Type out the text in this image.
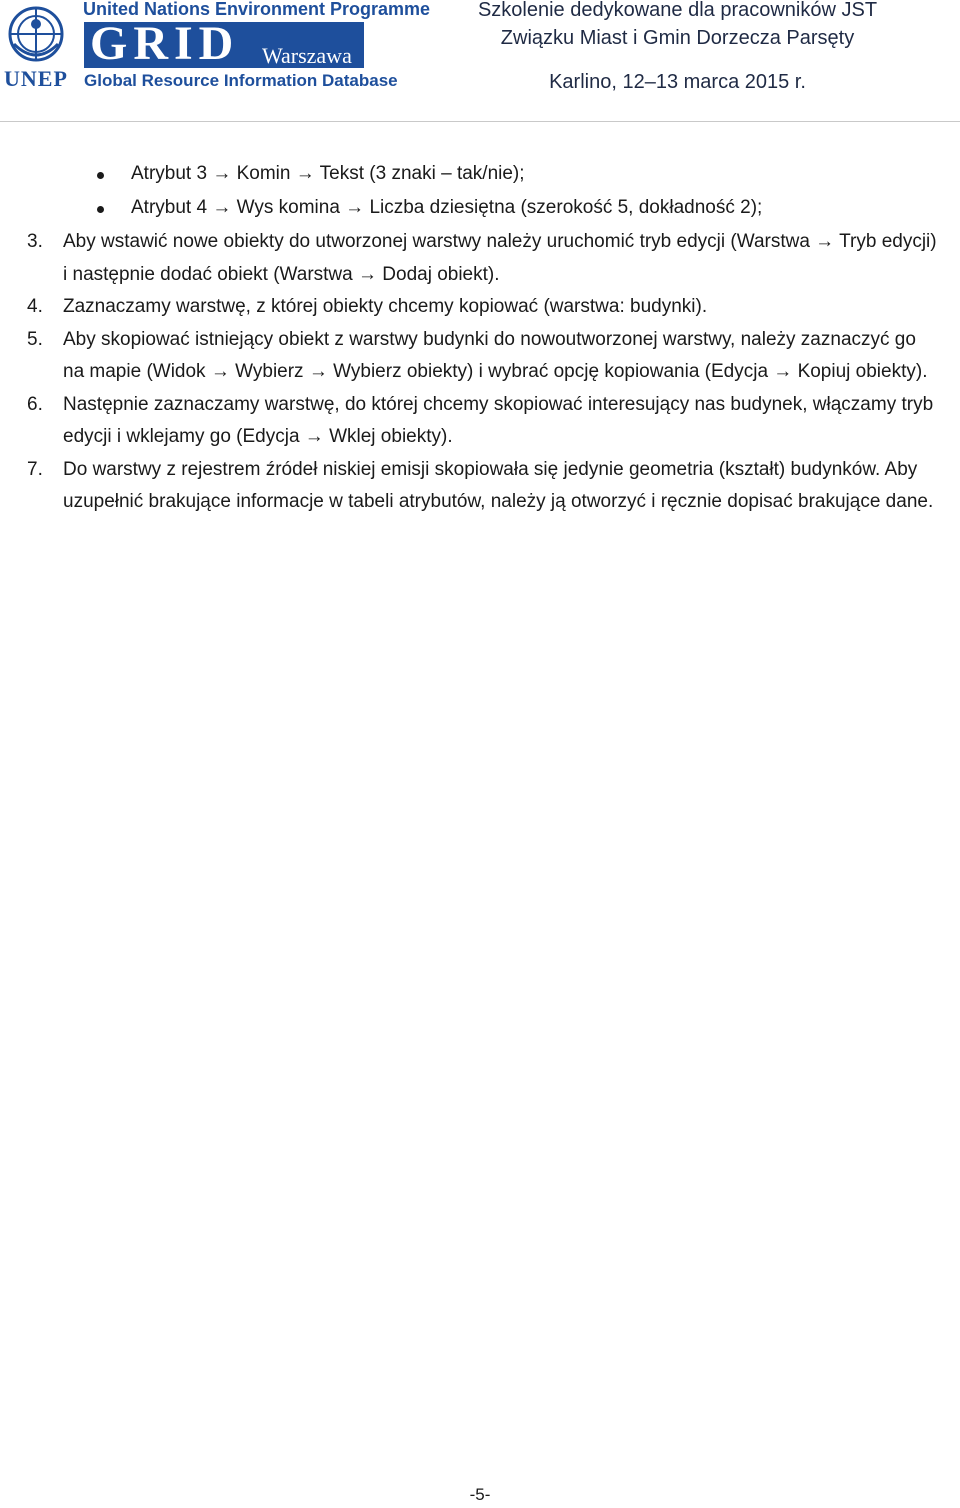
UNEP
United Nations Environment Programme
GRID Warszawa
Global Resource Information Database
Szkolenie dedykowane dla pracowników JST
Związku Miast i Gmin Dorzecza Parsęty
Karlino, 12–13 marca 2015 r.
Atrybut 3 → Komin → Tekst (3 znaki – tak/nie);
Atrybut 4 → Wys komina → Liczba dziesiętna (szerokość 5, dokładność 2);
3. Aby wstawić nowe obiekty do utworzonej warstwy należy uruchomić tryb edycji (Warstwa → Tryb edycji) i następnie dodać obiekt (Warstwa → Dodaj obiekt).
4. Zaznaczamy warstwę, z której obiekty chcemy kopiować (warstwa: budynki).
5. Aby skopiować istniejący obiekt z warstwy budynki do nowoutworzonej warstwy, należy zaznaczyć go na mapie (Widok → Wybierz → Wybierz obiekty) i wybrać opcję kopiowania (Edycja → Kopiuj obiekty).
6. Następnie zaznaczamy warstwę, do której chcemy skopiować interesujący nas budynek, włączamy tryb edycji i wklejamy go (Edycja → Wklej obiekty).
7. Do warstwy z rejestrem źródeł niskiej emisji skopiowała się jedynie geometria (kształt) budynków. Aby uzupełnić brakujące informacje w tabeli atrybutów, należy ją otworzyć i ręcznie dopisać brakujące dane.
-5-
